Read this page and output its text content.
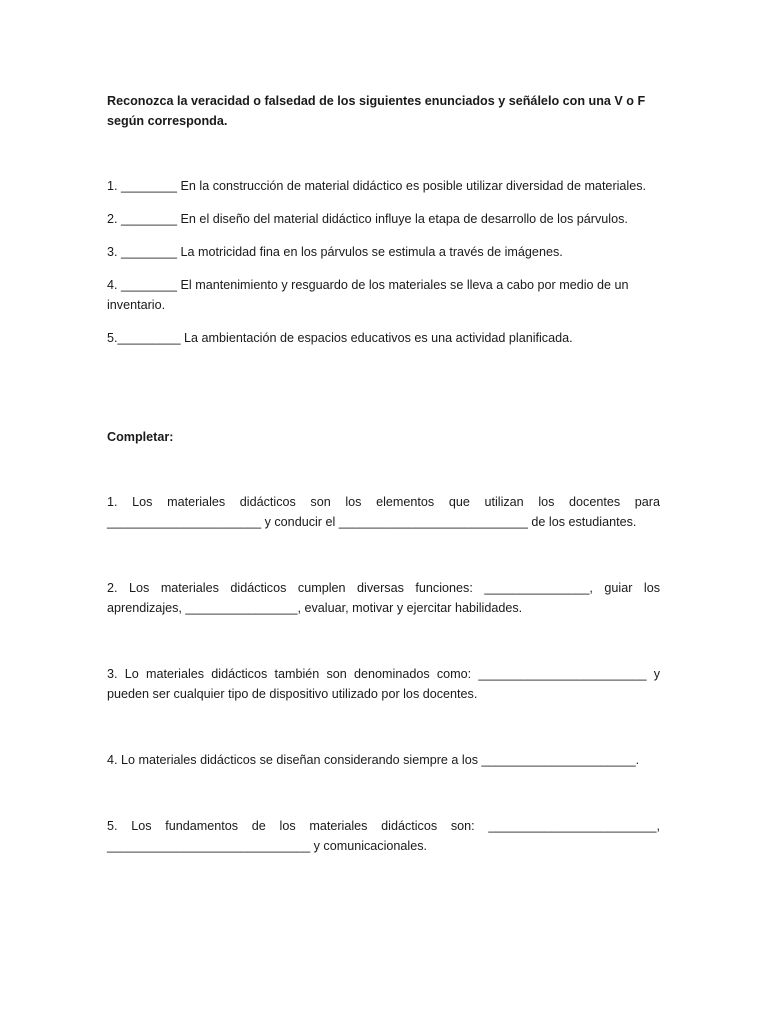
Reconozca la veracidad o falsedad de los siguientes enunciados y señálelo con una V o F según corresponda.

1. ________ En la construcción de material didáctico es posible utilizar diversidad de materiales.

2. ________ En el diseño del material didáctico influye la etapa de desarrollo de los párvulos.

3. ________ La motricidad fina en los párvulos se estimula a través de imágenes.

4. ________ El mantenimiento y resguardo de los materiales se lleva a cabo por medio de un inventario.

5._________ La ambientación de espacios educativos es una actividad planificada.

Completar:

1. Los materiales didácticos son los elementos que utilizan los docentes para ______________________ y conducir el ___________________________ de los estudiantes.

2. Los materiales didácticos cumplen diversas funciones: _______________, guiar los aprendizajes, ________________, evaluar, motivar y ejercitar habilidades.

3. Lo materiales didácticos también son denominados como: ________________________ y pueden ser cualquier tipo de dispositivo utilizado por los docentes.

4. Lo materiales didácticos se diseñan considerando siempre a los ______________________.

5. Los fundamentos de los materiales didácticos son: ________________________, _____________________________ y comunicacionales.
